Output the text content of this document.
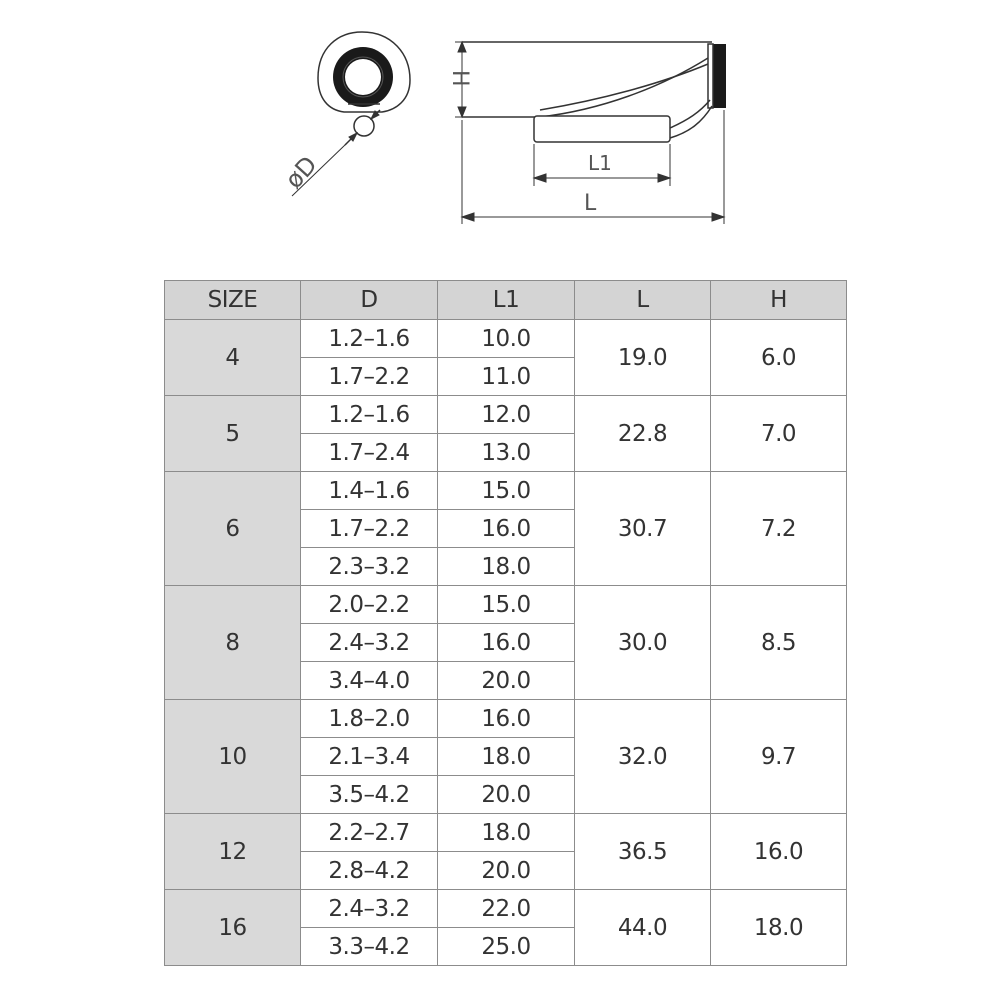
øD
H
L1
L
SIZE	D	L1	L	H
4	1.2–1.6	10.0	19.0	6.0
	1.7–2.2	11.0		
5	1.2–1.6	12.0	22.8	7.0
	1.7–2.4	13.0		
6	1.4–1.6	15.0	30.7	7.2
	1.7–2.2	16.0		
	2.3–3.2	18.0		
8	2.0–2.2	15.0	30.0	8.5
	2.4–3.2	16.0		
	3.4–4.0	20.0		
10	1.8–2.0	16.0	32.0	9.7
	2.1–3.4	18.0		
	3.5–4.2	20.0		
12	2.2–2.7	18.0	36.5	16.0
	2.8–4.2	20.0		
16	2.4–3.2	22.0	44.0	18.0
	3.3–4.2	25.0		
